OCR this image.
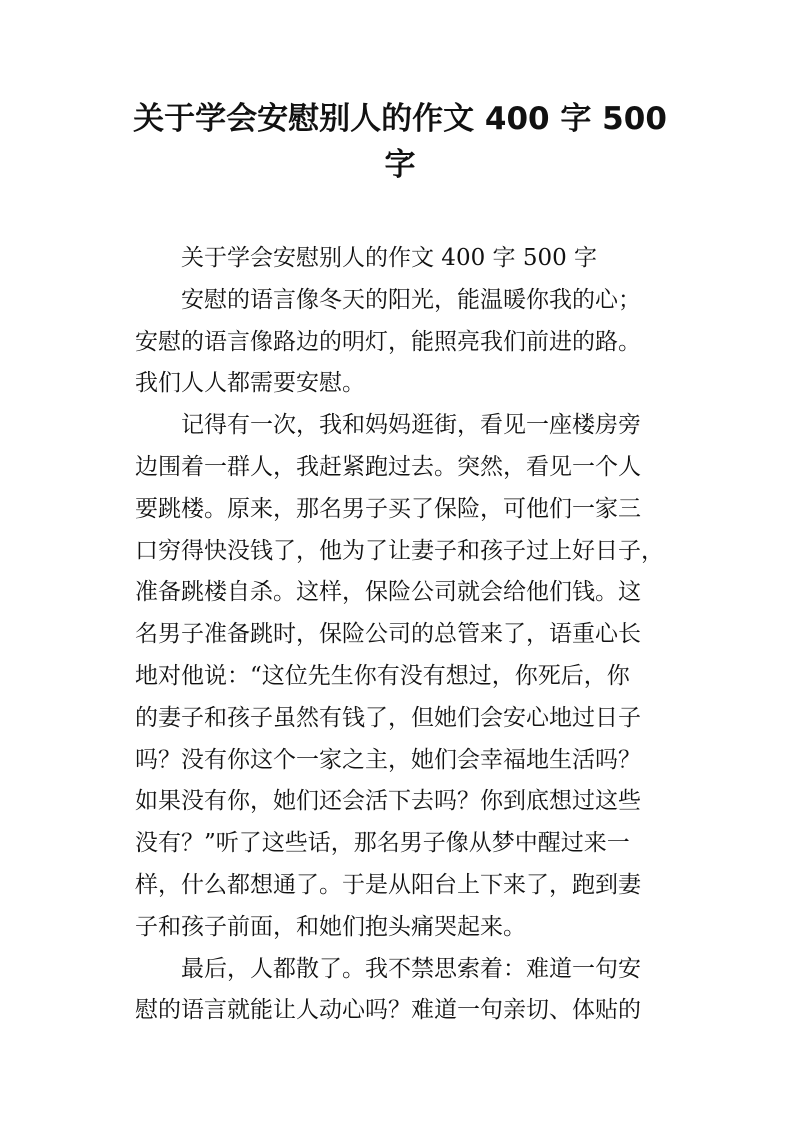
关于学会安慰别人的作文 400 字 500
字
关于学会安慰别人的作文 400 字 500 字
安慰的语言像冬天的阳光，能温暖你我的心；
安慰的语言像路边的明灯，能照亮我们前进的路。
我们人人都需要安慰。
记得有一次，我和妈妈逛街，看见一座楼房旁
边围着一群人，我赶紧跑过去。突然，看见一个人
要跳楼。原来，那名男子买了保险，可他们一家三
口穷得快没钱了，他为了让妻子和孩子过上好日子，
准备跳楼自杀。这样，保险公司就会给他们钱。这
名男子准备跳时，保险公司的总管来了，语重心长
地对他说：“这位先生你有没有想过，你死后，你
的妻子和孩子虽然有钱了，但她们会安心地过日子
吗？没有你这个一家之主，她们会幸福地生活吗？
如果没有你，她们还会活下去吗？你到底想过这些
没有？”听了这些话，那名男子像从梦中醒过来一
样，什么都想通了。于是从阳台上下来了，跑到妻
子和孩子前面，和她们抱头痛哭起来。
最后，人都散了。我不禁思索着：难道一句安
慰的语言就能让人动心吗？难道一句亲切、体贴的
